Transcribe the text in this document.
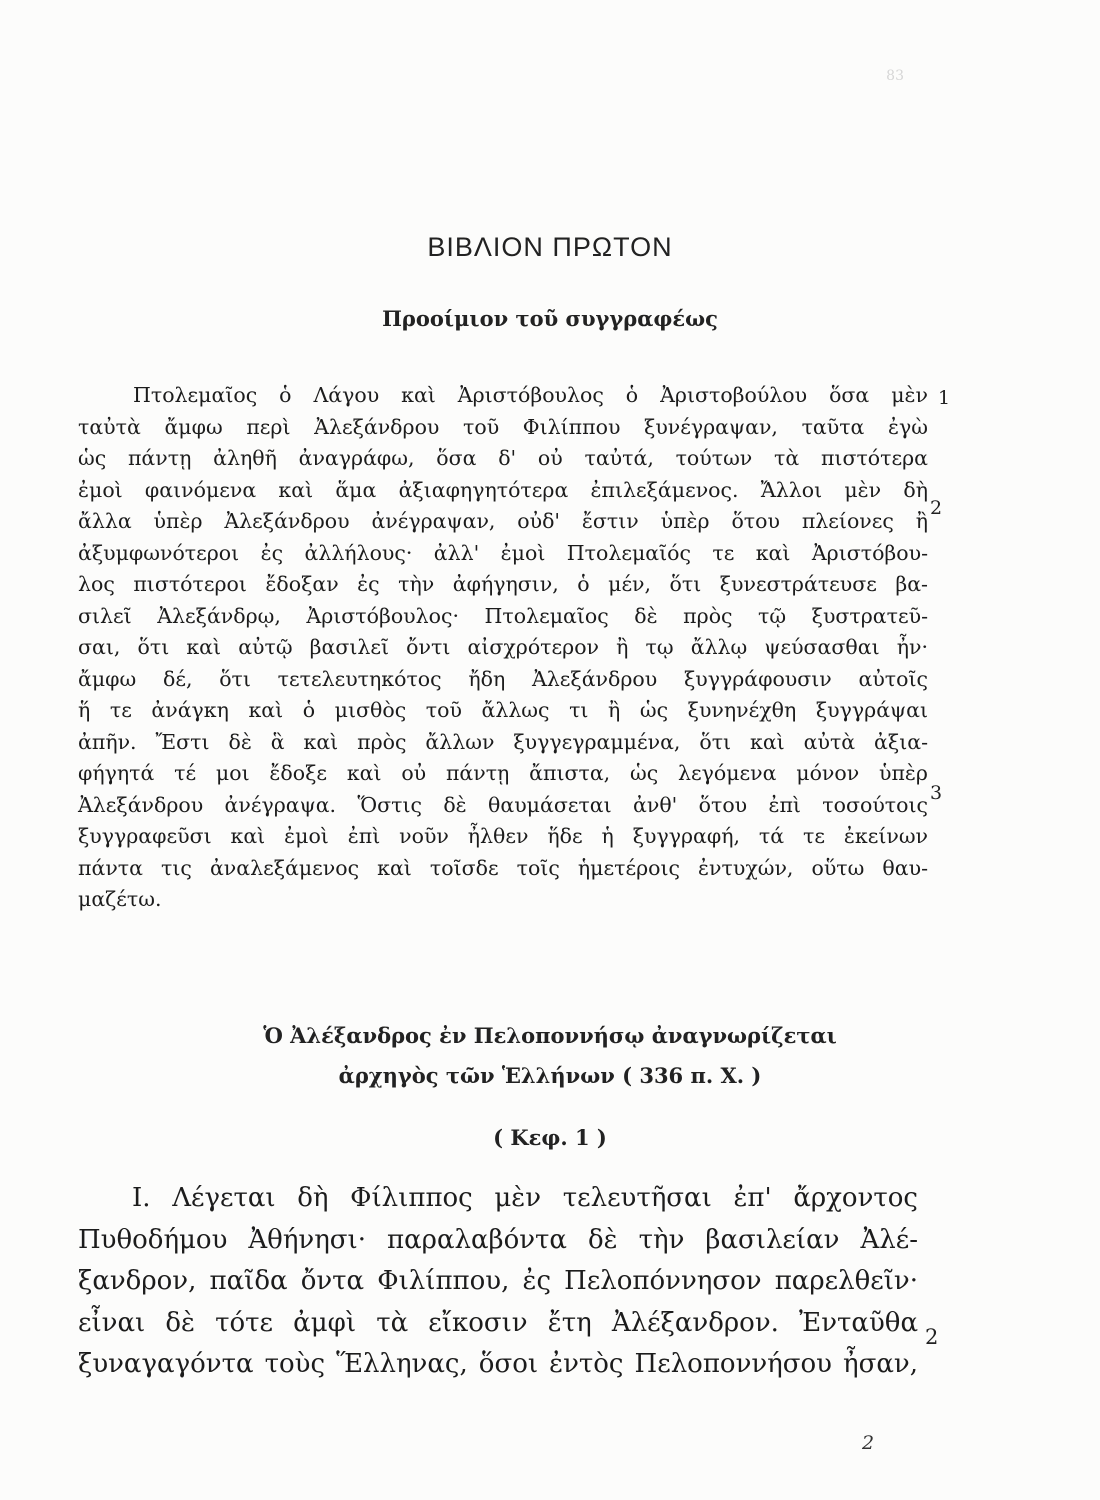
83
ΒΙΒΛΙΟΝ ΠΡΩΤΟΝ
Προοίμιον τοῦ συγγραφέως
Πτολεμαῖος ὁ Λάγου καὶ Ἀριστόβουλος ὁ Ἀριστοβούλου ὅσα μὲν
ταὐτὰ ἄμφω περὶ Ἀλεξάνδρου τοῦ Φιλίππου ξυνέγραψαν, ταῦτα ἐγὼ
ὡς πάντῃ ἀληθῆ ἀναγράφω, ὅσα δ' οὐ ταὐτά, τούτων τὰ πιστότερα
ἐμοὶ φαινόμενα καὶ ἅμα ἀξιαφηγητότερα ἐπιλεξάμενος. Ἄλλοι μὲν δὴ
ἄλλα ὑπὲρ Ἀλεξάνδρου ἀνέγραψαν, οὐδ' ἔστιν ὑπὲρ ὅτου πλείονες ἢ
ἀξυμφωνότεροι ἐς ἀλλήλους· ἀλλ' ἐμοὶ Πτολεμαῖός τε καὶ Ἀριστόβου-
λος πιστότεροι ἔδοξαν ἐς τὴν ἀφήγησιν, ὁ μέν, ὅτι ξυνεστράτευσε βα-
σιλεῖ Ἀλεξάνδρῳ, Ἀριστόβουλος· Πτολεμαῖος δὲ πρὸς τῷ ξυστρατεῦ-
σαι, ὅτι καὶ αὐτῷ βασιλεῖ ὄντι αἰσχρότερον ἢ τῳ ἄλλῳ ψεύσασθαι ἦν·
ἄμφω δέ, ὅτι τετελευτηκότος ἤδη Ἀλεξάνδρου ξυγγράφουσιν αὐτοῖς
ἥ τε ἀνάγκη καὶ ὁ μισθὸς τοῦ ἄλλως τι ἢ ὡς ξυνηνέχθη ξυγγράψαι
ἀπῆν. Ἔστι δὲ ἃ καὶ πρὸς ἄλλων ξυγγεγραμμένα, ὅτι καὶ αὐτὰ ἀξια-
φήγητά τέ μοι ἔδοξε καὶ οὐ πάντῃ ἄπιστα, ὡς λεγόμενα μόνον ὑπὲρ
Ἀλεξάνδρου ἀνέγραψα. Ὅστις δὲ θαυμάσεται ἀνθ' ὅτου ἐπὶ τοσούτοις
ξυγγραφεῦσι καὶ ἐμοὶ ἐπὶ νοῦν ἦλθεν ἥδε ἡ ξυγγραφή, τά τε ἐκείνων
πάντα τις ἀναλεξάμενος καὶ τοῖσδε τοῖς ἡμετέροις ἐντυχών, οὕτω θαυ-
μαζέτω.
1
2
3
Ὁ Ἀλέξανδρος ἐν Πελοποννήσῳ ἀναγνωρίζεται
ἀρχηγὸς τῶν Ἑλλήνων ( 336 π. Χ. )
( Κεφ. 1 )
I. Λέγεται δὴ Φίλιππος μὲν τελευτῆσαι ἐπ' ἄρχοντος
Πυθοδήμου Ἀθήνησι· παραλαβόντα δὲ τὴν βασιλείαν Ἀλέ-
ξανδρον, παῖδα ὄντα Φιλίππου, ἐς Πελοπόννησον παρελθεῖν·
εἶναι δὲ τότε ἀμφὶ τὰ εἴκοσιν ἔτη Ἀλέξανδρον. Ἐνταῦθα
ξυναγαγόντα τοὺς Ἕλληνας, ὅσοι ἐντὸς Πελοποννήσου ἦσαν,
2
2
